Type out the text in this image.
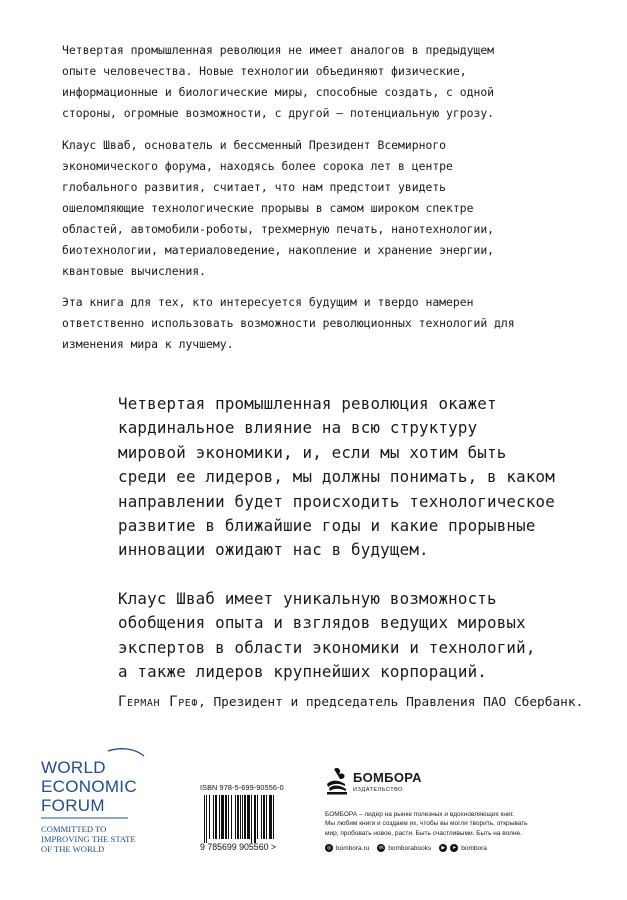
Четвертая промышленная революция не имеет аналогов в предыдущем
опыте человечества. Новые технологии объединяют физические,
информационные и биологические миры, способные создать, с одной
стороны, огромные возможности, с другой – потенциальную угрозу.

Клаус Шваб, основатель и бессменный Президент Всемирного
экономического форума, находясь более сорока лет в центре
глобального развития, считает, что нам предстоит увидеть
ошеломляющие технологические прорывы в самом широком спектре
областей, автомобили-роботы, трехмерную печать, нанотехнологии,
биотехнологии, материаловедение, накопление и хранение энергии,
квантовые вычисления.

Эта книга для тех, кто интересуется будущим и твердо намерен
ответственно использовать возможности революционных технологий для
изменения мира к лучшему.

Четвертая промышленная революция окажет
кардинальное влияние на всю структуру
мировой экономики, и, если мы хотим быть
среди ее лидеров, мы должны понимать, в каком
направлении будет происходить технологическое
развитие в ближайшие годы и какие прорывные
инновации ожидают нас в будущем.

Клаус Шваб имеет уникальную возможность
обобщения опыта и взглядов ведущих мировых
экспертов в области экономики и технологий,
а также лидеров крупнейших корпораций.

Герман Греф, Президент и председатель Правления ПАО Сбербанк.
WORLD
ECONOMIC
FORUM
COMMITTED TO
IMPROVING THE STATE
OF THE WORLD
ISBN 978-5-699-90556-0
9 785699 905560 >
БОМБОРА
ИЗДАТЕЛЬСТВО
БОМБОРА – лидер на рынке полезных и вдохновляющих книг.
Мы любим книги и создаем их, чтобы вы могли творить, открывать
мир, пробовать новое, расти. Быть счастливыми. Быть на волне.
◎ bombora.ru	vk bomborabooks	▶	➤ bombora
